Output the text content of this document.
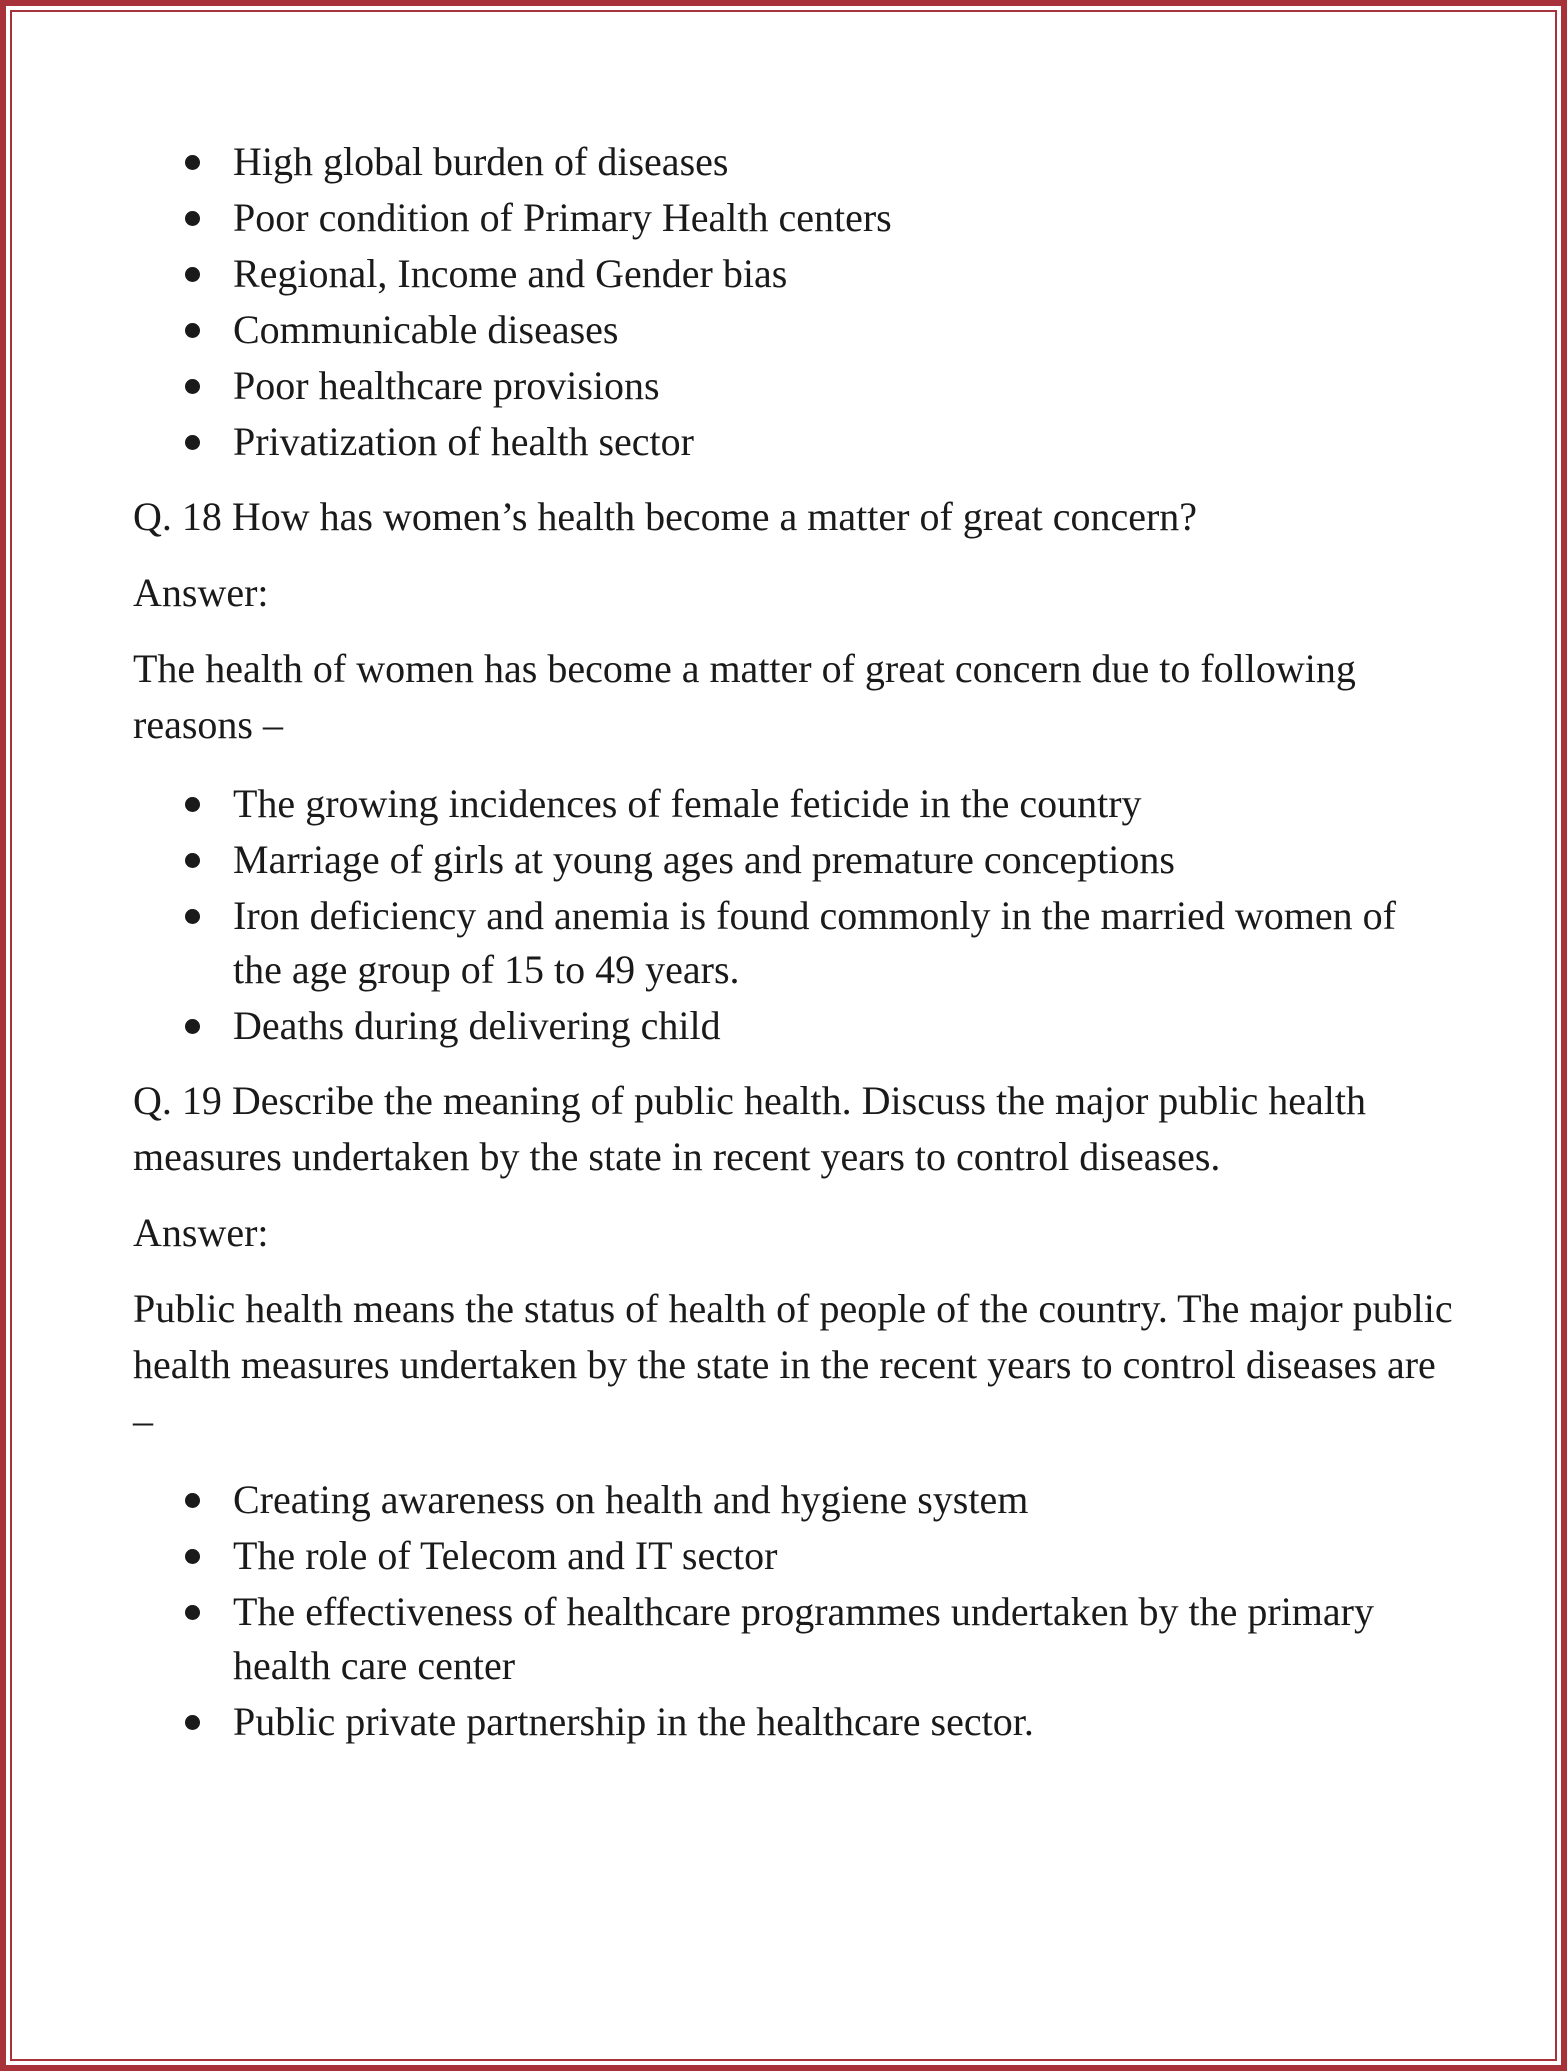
High global burden of diseases
Poor condition of Primary Health centers
Regional, Income and Gender bias
Communicable diseases
Poor healthcare provisions
Privatization of health sector

Q. 18 How has women’s health become a matter of great concern?

Answer:

The health of women has become a matter of great concern due to following reasons –

The growing incidences of female feticide in the country
Marriage of girls at young ages and premature conceptions
Iron deficiency and anemia is found commonly in the married women of the age group of 15 to 49 years.
Deaths during delivering child

Q. 19 Describe the meaning of public health. Discuss the major public health measures undertaken by the state in recent years to control diseases.

Answer:

Public health means the status of health of people of the country. The major public health measures undertaken by the state in the recent years to control diseases are –

Creating awareness on health and hygiene system
The role of Telecom and IT sector
The effectiveness of healthcare programmes undertaken by the primary health care center
Public private partnership in the healthcare sector.
